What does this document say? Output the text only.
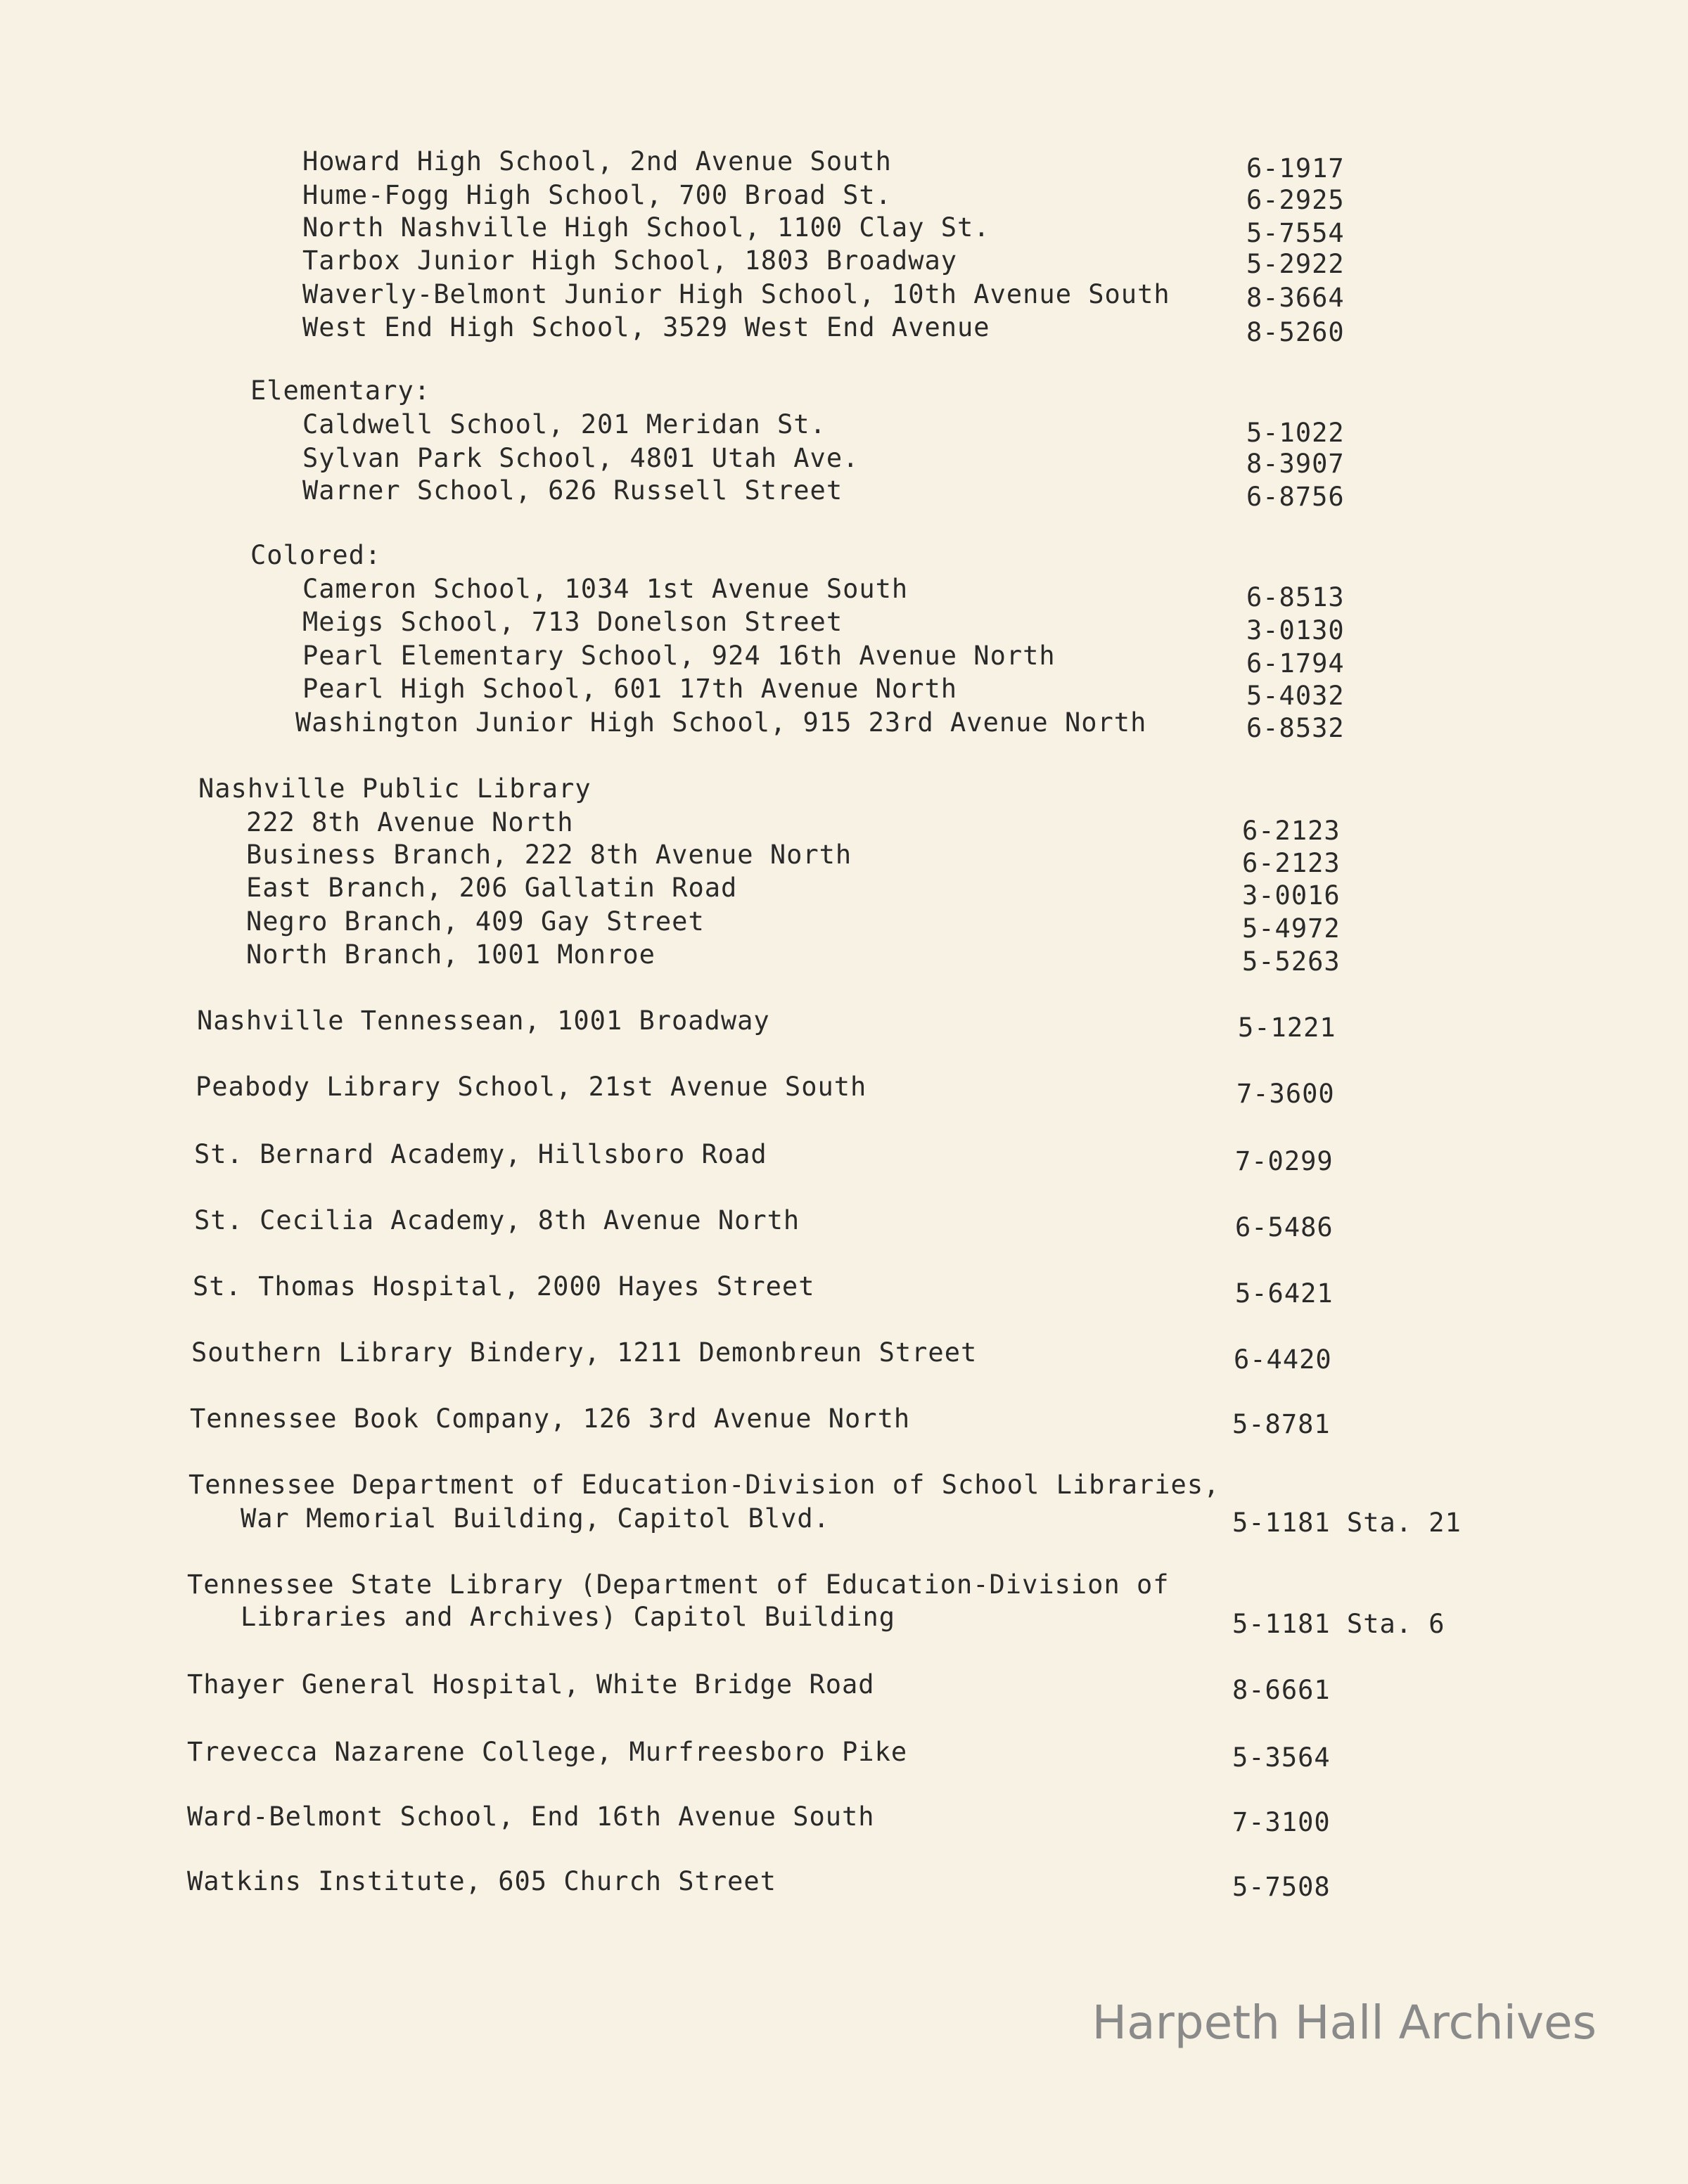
Howard High School, 2nd Avenue South	6-1917
Hume-Fogg High School, 700 Broad St.	6-2925
North Nashville High School, 1100 Clay St.	5-7554
Tarbox Junior High School, 1803 Broadway	5-2922
Waverly-Belmont Junior High School, 10th Avenue South	8-3664
West End High School, 3529 West End Avenue	8-5260
Elementary:
Caldwell School, 201 Meridan St.	5-1022
Sylvan Park School, 4801 Utah Ave.	8-3907
Warner School, 626 Russell Street	6-8756
Colored:
Cameron School, 1034 1st Avenue South	6-8513
Meigs School, 713 Donelson Street	3-0130
Pearl Elementary School, 924 16th Avenue North	6-1794
Pearl High School, 601 17th Avenue North	5-4032
Washington Junior High School, 915 23rd Avenue North	6-8532
Nashville Public Library
222 8th Avenue North	6-2123
Business Branch, 222 8th Avenue North	6-2123
East Branch, 206 Gallatin Road	3-0016
Negro Branch, 409 Gay Street	5-4972
North Branch, 1001 Monroe	5-5263
Nashville Tennessean, 1001 Broadway	5-1221
Peabody Library School, 21st Avenue South	7-3600
St. Bernard Academy, Hillsboro Road	7-0299
St. Cecilia Academy, 8th Avenue North	6-5486
St. Thomas Hospital, 2000 Hayes Street	5-6421
Southern Library Bindery, 1211 Demonbreun Street	6-4420
Tennessee Book Company, 126 3rd Avenue North	5-8781
Tennessee Department of Education-Division of School Libraries,
War Memorial Building, Capitol Blvd.	5-1181 Sta. 21
Tennessee State Library (Department of Education-Division of
Libraries and Archives) Capitol Building	5-1181 Sta. 6
Thayer General Hospital, White Bridge Road	8-6661
Trevecca Nazarene College, Murfreesboro Pike	5-3564
Ward-Belmont School, End 16th Avenue South	7-3100
Watkins Institute, 605 Church Street	5-7508
Harpeth Hall Archives
